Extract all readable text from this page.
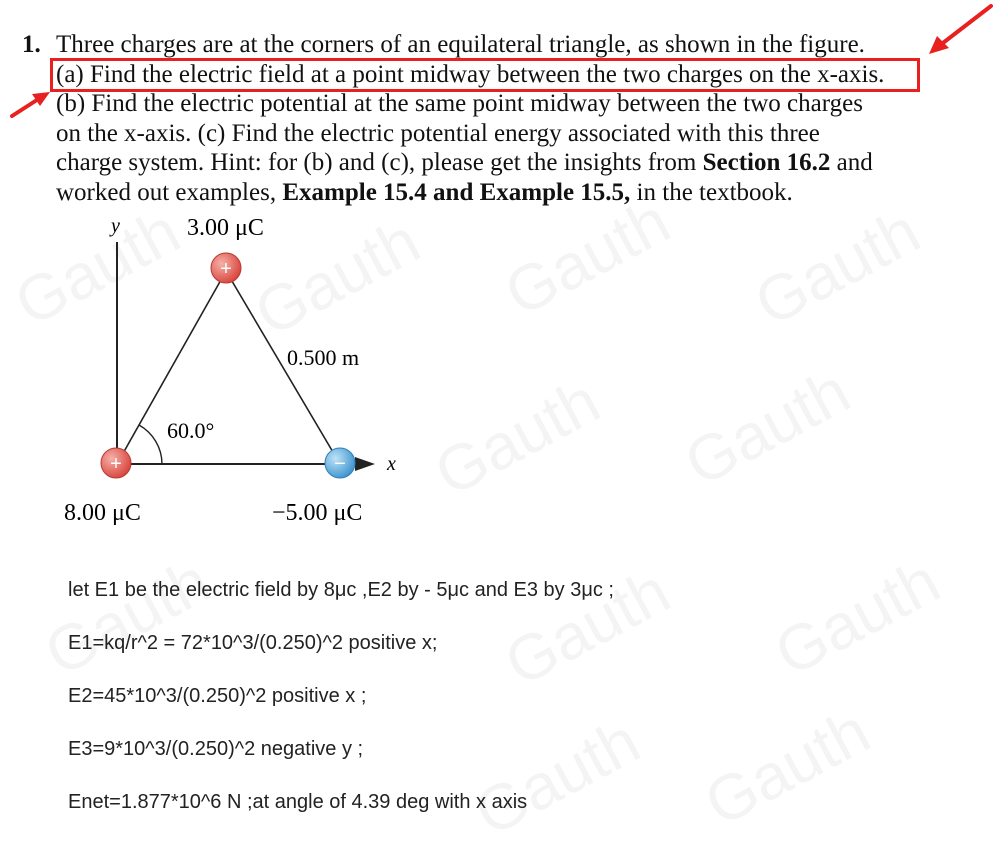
1. Three charges are at the corners of an equilateral triangle, as shown in the figure.
(a) Find the electric field at a point midway between the two charges on the x-axis.
(b) Find the electric potential at the same point midway between the two charges
on the x-axis. (c) Find the electric potential energy associated with this three
charge system. Hint: for (b) and (c), please get the insights from Section 16.2 and
worked out examples, Example 15.4 and Example 15.5, in the textbook.
y
x
60.0°
0.500 m
+
3.00 μC
+
8.00 μC
−
−5.00 μC

let E1 be the electric field by 8μc ,E2 by - 5μc and E3 by 3μc ;

E1=kq/r^2 = 72*10^3/(0.250)^2 positive x;

E2=45*10^3/(0.250)^2 positive x ;

E3=9*10^3/(0.250)^2 negative y ;

Enet=1.877*10^6 N ;at angle of 4.39 deg with x axis
